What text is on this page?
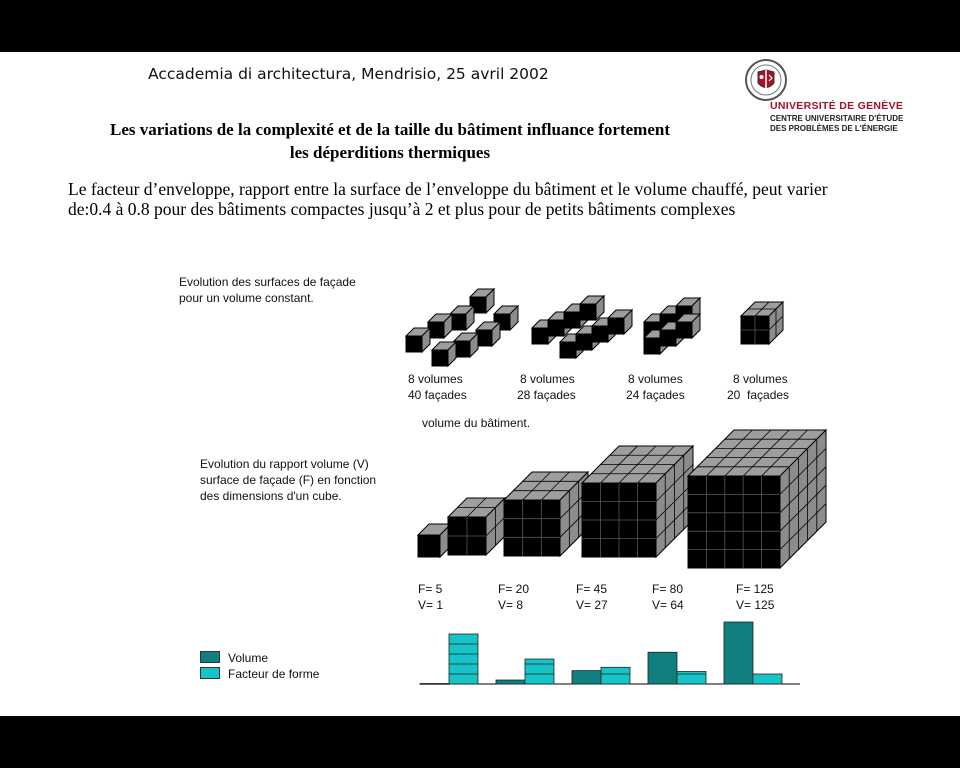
Accademia di architectura, Mendrisio, 25 avril 2002
UNIVERSITÉ DE GENÈVE
CENTRE UNIVERSITAIRE D'ÉTUDE
DES PROBLÈMES DE L'ÉNERGIE
Les variations de la complexité et de la taille du bâtiment influance fortement
les déperditions thermiques
Le facteur d’enveloppe, rapport entre la surface de l’enveloppe du bâtiment et le volume chauffé, peut varier de:0.4 à 0.8 pour des bâtiments compactes jusqu’à 2 et plus pour de petits bâtiments complexes
Evolution des surfaces de façade
pour un volume constant.
8 volumes
40 façades
8 volumes
28 façades
8 volumes
24 façades
8 volumes
20  façades
volume du bâtiment.
Evolution du rapport volume (V)
surface de façade (F) en fonction
des dimensions d'un cube.
F= 5
V= 1
F= 20
V= 8
F= 45
V= 27
F= 80
V= 64
F= 125
V= 125
Volume
Facteur de forme
